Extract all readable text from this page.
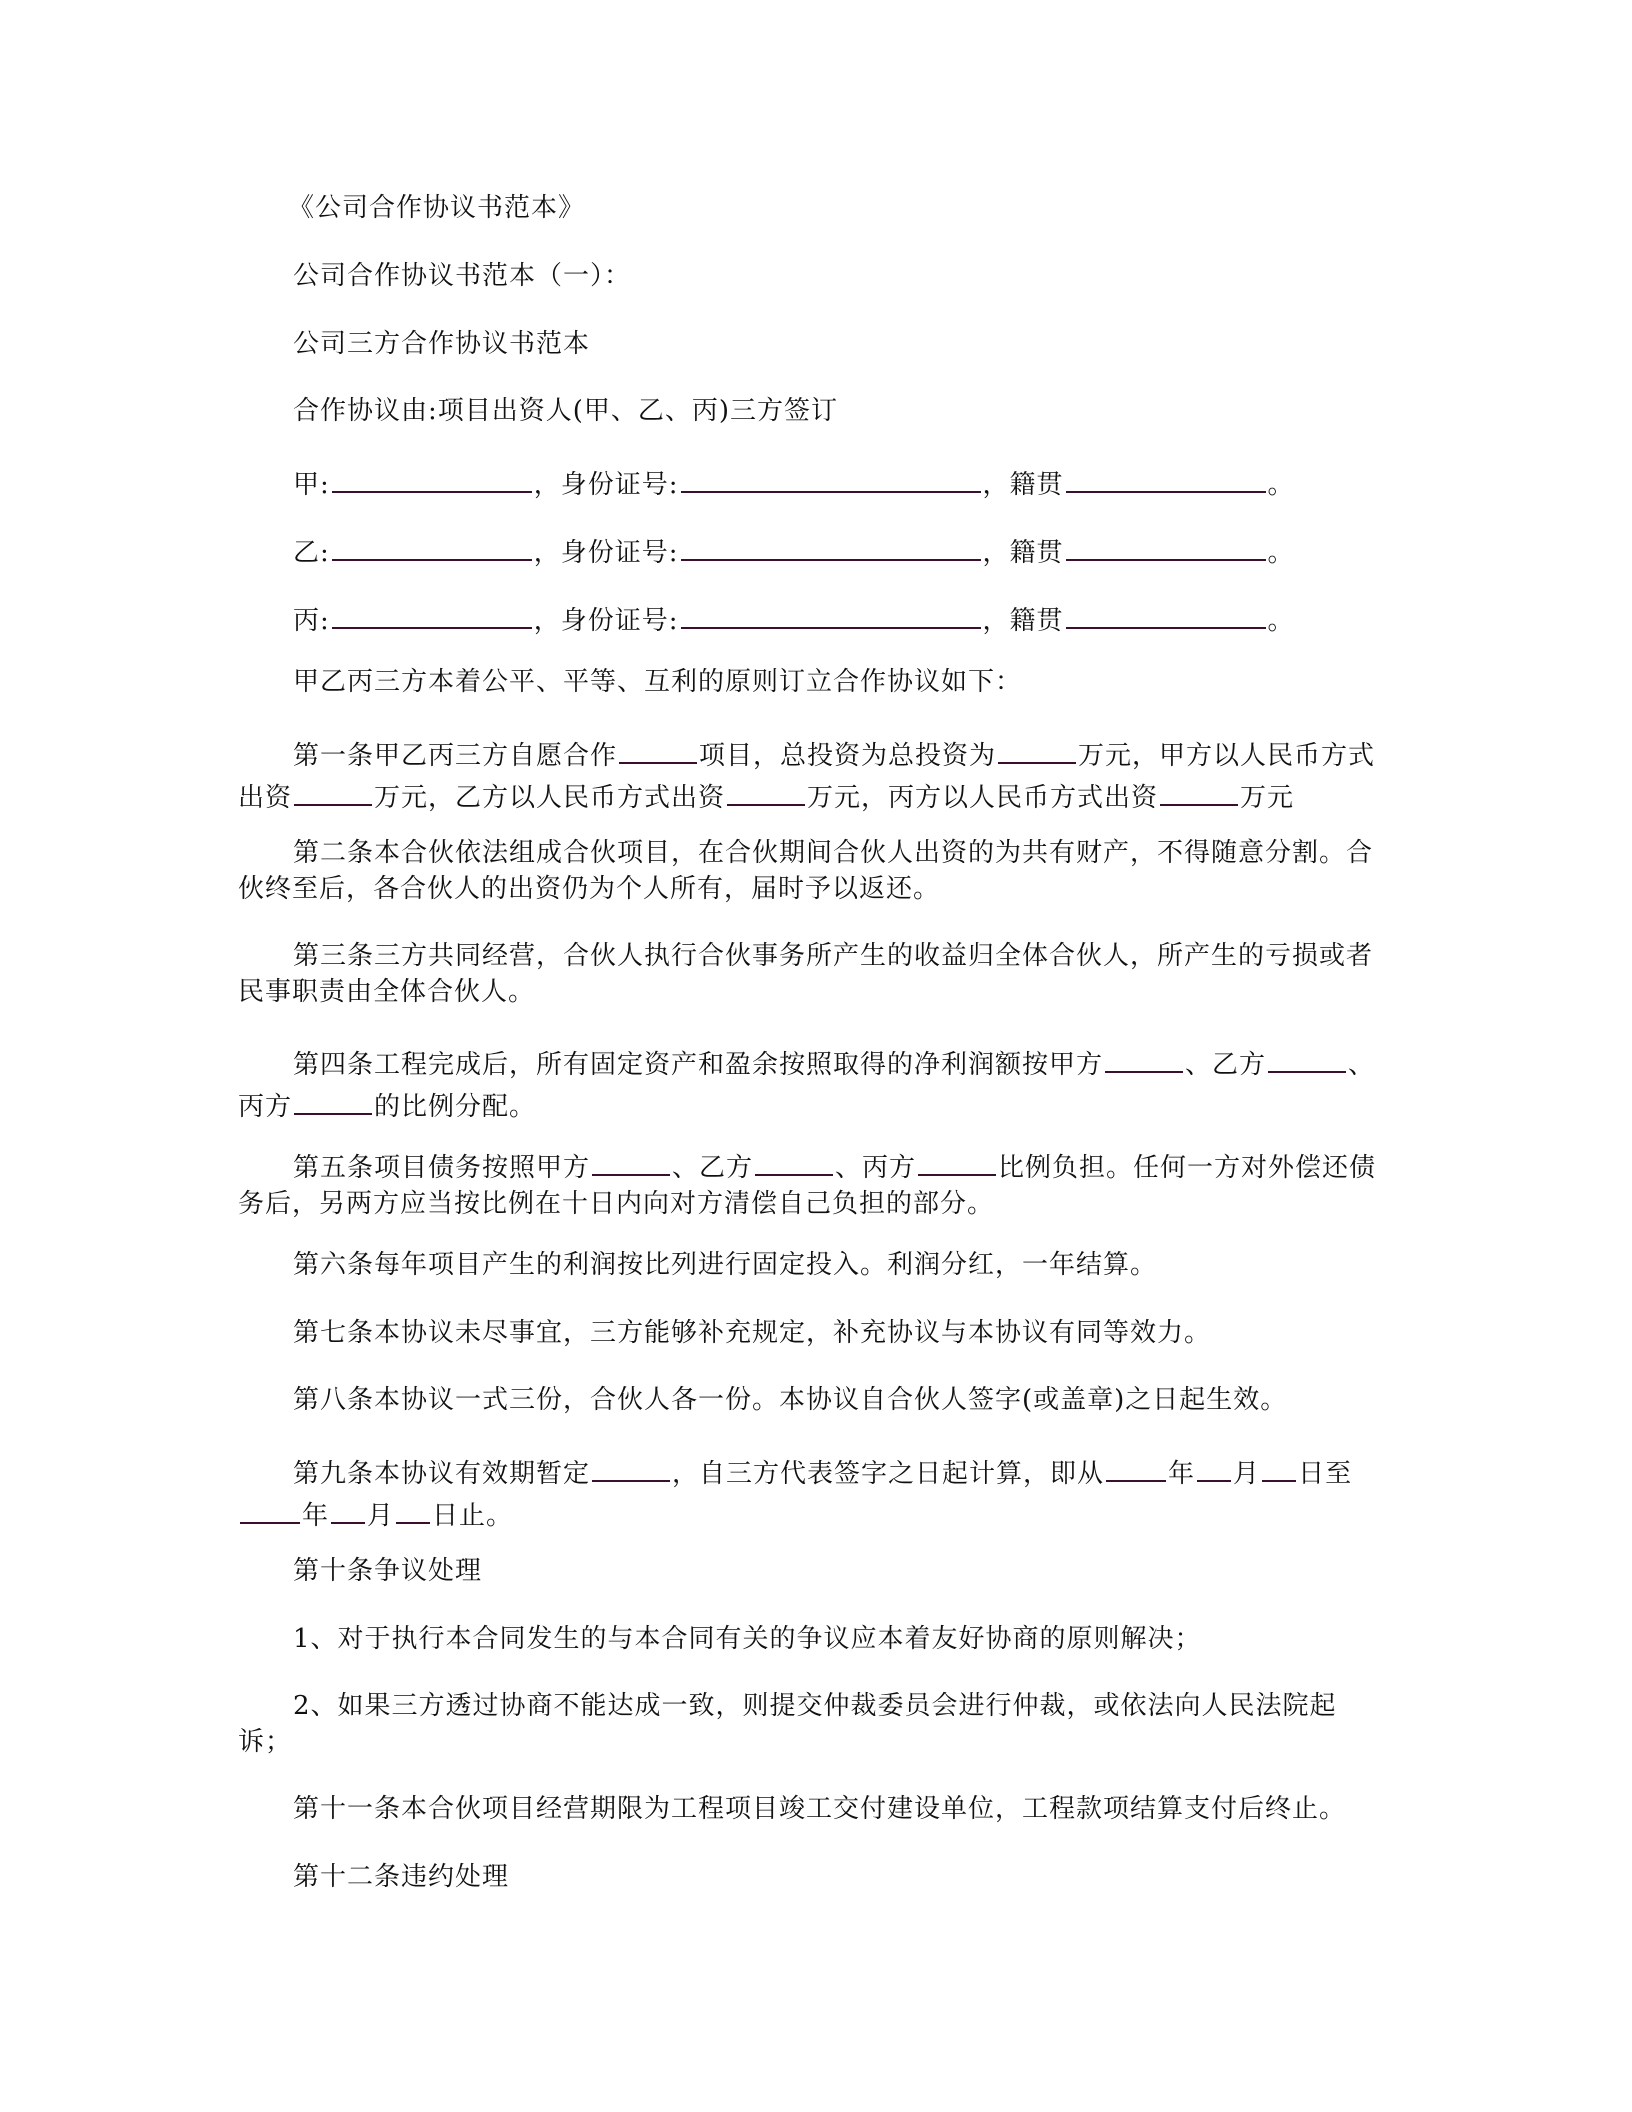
《公司合作协议书范本》
公司合作协议书范本（一）：
公司三方合作协议书范本
合作协议由:项目出资人(甲、乙、丙)三方签订
甲:	，身份证号:	，籍贯	。
乙:	，身份证号:	，籍贯	。
丙:	，身份证号:	，籍贯	。
甲乙丙三方本着公平、平等、互利的原则订立合作协议如下：
第一条甲乙丙三方自愿合作	项目，总投资为总投资为	万元，甲方以人民币方式出资	万元，乙方以人民币方式出资	万元，丙方以人民币方式出资	万元
第二条本合伙依法组成合伙项目，在合伙期间合伙人出资的为共有财产，不得随意分割。合伙终至后，各合伙人的出资仍为个人所有，届时予以返还。
第三条三方共同经营，合伙人执行合伙事务所产生的收益归全体合伙人，所产生的亏损或者民事职责由全体合伙人。
第四条工程完成后，所有固定资产和盈余按照取得的净利润额按甲方	、乙方	、丙方	的比例分配。
第五条项目债务按照甲方	、乙方	、丙方	比例负担。任何一方对外偿还债务后，另两方应当按比例在十日内向对方清偿自己负担的部分。
第六条每年项目产生的利润按比列进行固定投入。利润分红，一年结算。
第七条本协议未尽事宜，三方能够补充规定，补充协议与本协议有同等效力。
第八条本协议一式三份，合伙人各一份。本协议自合伙人签字(或盖章)之日起生效。
第九条本协议有效期暂定	，自三方代表签字之日起计算，即从 年 月 日至年 月 日止。
第十条争议处理
1、对于执行本合同发生的与本合同有关的争议应本着友好协商的原则解决；
2、如果三方透过协商不能达成一致，则提交仲裁委员会进行仲裁，或依法向人民法院起诉；
第十一条本合伙项目经营期限为工程项目竣工交付建设单位，工程款项结算支付后终止。
第十二条违约处理
